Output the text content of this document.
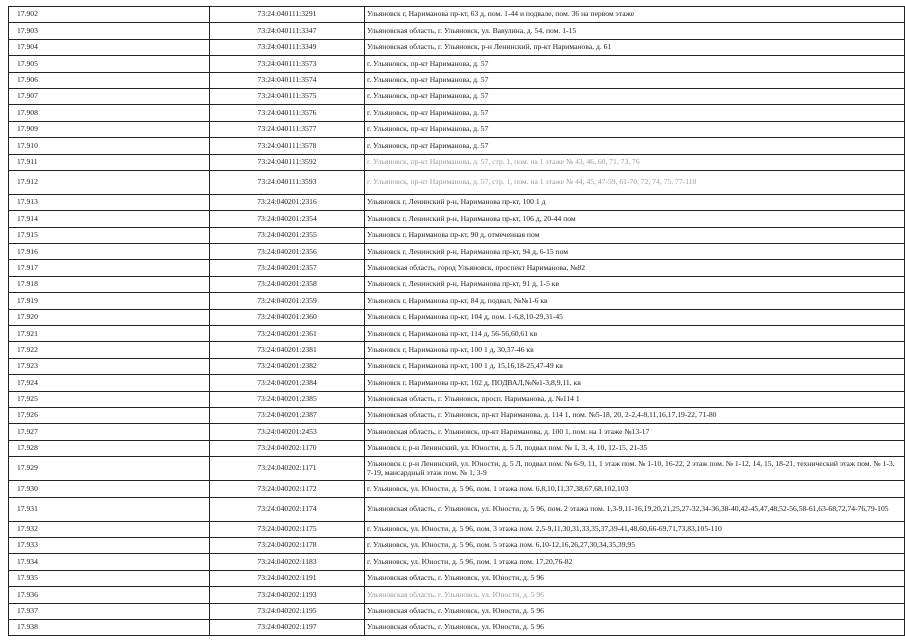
17.902	73:24:040111:3291	Ульяновск г, Нариманова пр-кт, 63 д, пом. 1-44 и подвале, пом. 36 на первом этаже
17.903	73:24:040111:3347	Ульяновская область, г. Ульяновск, ул. Вавулина, д. 54, пом. 1-15
17.904	73:24:040111:3349	Ульяновская область, г. Ульяновск, р-н Ленинский, пр-кт Нариманова, д. 61
17.905	73:24:040111:3573	г. Ульяновск, пр-кт Нариманова, д. 57
17.906	73:24:040111:3574	г. Ульяновск, пр-кт Нариманова, д. 57
17.907	73:24:040111:3575	г. Ульяновск, пр-кт Нариманова, д. 57
17.908	73:24:040111:3576	г. Ульяновск, пр-кт Нариманова, д. 57
17.909	73:24:040111:3577	г. Ульяновск, пр-кт Нариманова, д. 57
17.910	73:24:040111:3578	г. Ульяновск, пр-кт Нариманова, д. 57
17.911	73:24:040111:3592	г. Ульяновск, пр-кт Нариманова, д. 57, стр. 1, пом. на 1 этаже № 43, 46, 60, 71, 73, 76
17.912	73:24:040111:3593	г. Ульяновск, пр-кт Нариманова, д. 57, стр. 1, пом. на 1 этаже № 44, 45, 47-59, 61-70, 72, 74, 75, 77-110
17.913	73:24:040201:2316	Ульяновск г, Ленинский р-н, Нариманова пр-кт, 100 1 д
17.914	73:24:040201:2354	Ульяновск г, Ленинский р-н, Нариманова пр-кт, 106 д, 20-44 пом
17.915	73:24:040201:2355	Ульяновск г, Нариманова пр-кт, 90 д, отмеченная пом
17.916	73:24:040201:2356	Ульяновск г, Ленинский р-н, Нариманова пр-кт, 94 д, 6-15 пом
17.917	73:24:040201:2357	Ульяновская область, город Ульяновск, проспект Нариманова, №82
17.918	73:24:040201:2358	Ульяновск г, Ленинский р-н, Нариманова пр-кт, 91 д, 1-5 кв
17.919	73:24:040201:2359	Ульяновск г, Нариманова пр-кт, 84 д, подвал, №№1-6 кв
17.920	73:24:040201:2360	Ульяновск г, Нариманова пр-кт, 104 д, пом. 1-6,8,10-29,31-45
17.921	73:24:040201:2361	Ульяновск г, Нариманова пр-кт, 114 д, 56-56,60,61 кв
17.922	73:24:040201:2381	Ульяновск г, Нариманова пр-кт, 100 1 д, 30,37-46 кв
17.923	73:24:040201:2382	Ульяновск г, Нариманова пр-кт, 100 1 д, 15,16,18-25,47-49 кв
17.924	73:24:040201:2384	Ульяновск г, Нариманова пр-кт, 102 д, ПОДВАЛ,№№1-3,8,9,11, кв
17.925	73:24:040201:2385	Ульяновская область, г. Ульяновск, просп. Нариманова, д. №114 1
17.926	73:24:040201:2387	Ульяновская область, г. Ульяновск, пр-кт Нариманова, д. 114 1, пом. №5-18, 20, 2-2,4-8,11,16,17,19-22, 71-80
17.927	73:24:040201:2453	Ульяновская область, г. Ульяновск, пр-кт Нариманова, д. 100 1, пом. на 1 этаже №13-17
17.928	73:24:040202:1170	Ульяновск г, р-н Ленинский, ул. Юности, д. 5 Л, подвал пом. № 1, 3, 4, 10, 12-15, 21-35
17.929	73:24:040202:1171	Ульяновск г, р-н Ленинский, ул. Юности, д. 5 Л, подвал пом. № 6-9, 11, 1 этаж пом. № 1-10, 16-22, 2 этаж пом. № 1-12, 14, 15, 18-21, технический этаж пом. № 1-3, 7-19, мансардный этаж пом. № 1, 3-9
17.930	73:24:040202:1172	г. Ульяновск, ул. Юности, д. 5 96, пом. 1 этажа пом. 6,8,10,11,37,38,67,68,102,103
17.931	73:24:040202:1174	Ульяновская область, г. Ульяновск, ул. Юности, д. 5 96, пом. 2 этажа пом. 1,3-9,11-16,19,20,21,25,27-32,34-36,38-40,42-45,47,48,52-56,58-61,63-68,72,74-76,79-105
17.932	73:24:040202:1175	г. Ульяновск, ул. Юности, д. 5 96, пом. 3 этажа пом. 2,5-9,11,30,31,33,35,37,39-41,48,60,66-69,71,73,83,105-110
17.933	73:24:040202:1178	г. Ульяновск, ул. Юности, д. 5 96, пом. 5 этажа пом. 6,10-12,16,26,27,30,34,35,39,95
17.934	73:24:040202:1183	г. Ульяновск, ул. Юности, д. 5 96, пом. 1 этажа пом. 17,20,76-82
17.935	73:24:040202:1191	Ульяновская область, г. Ульяновск, ул. Юности, д. 5 96
17.936	73:24:040202:1193	Ульяновская область, г. Ульяновск, ул. Юности, д. 5 96
17.937	73:24:040202:1195	Ульяновская область, г. Ульяновск, ул. Юности, д. 5 96
17.938	73:24:040202:1197	Ульяновская область, г. Ульяновск, ул. Юности, д. 5 96
